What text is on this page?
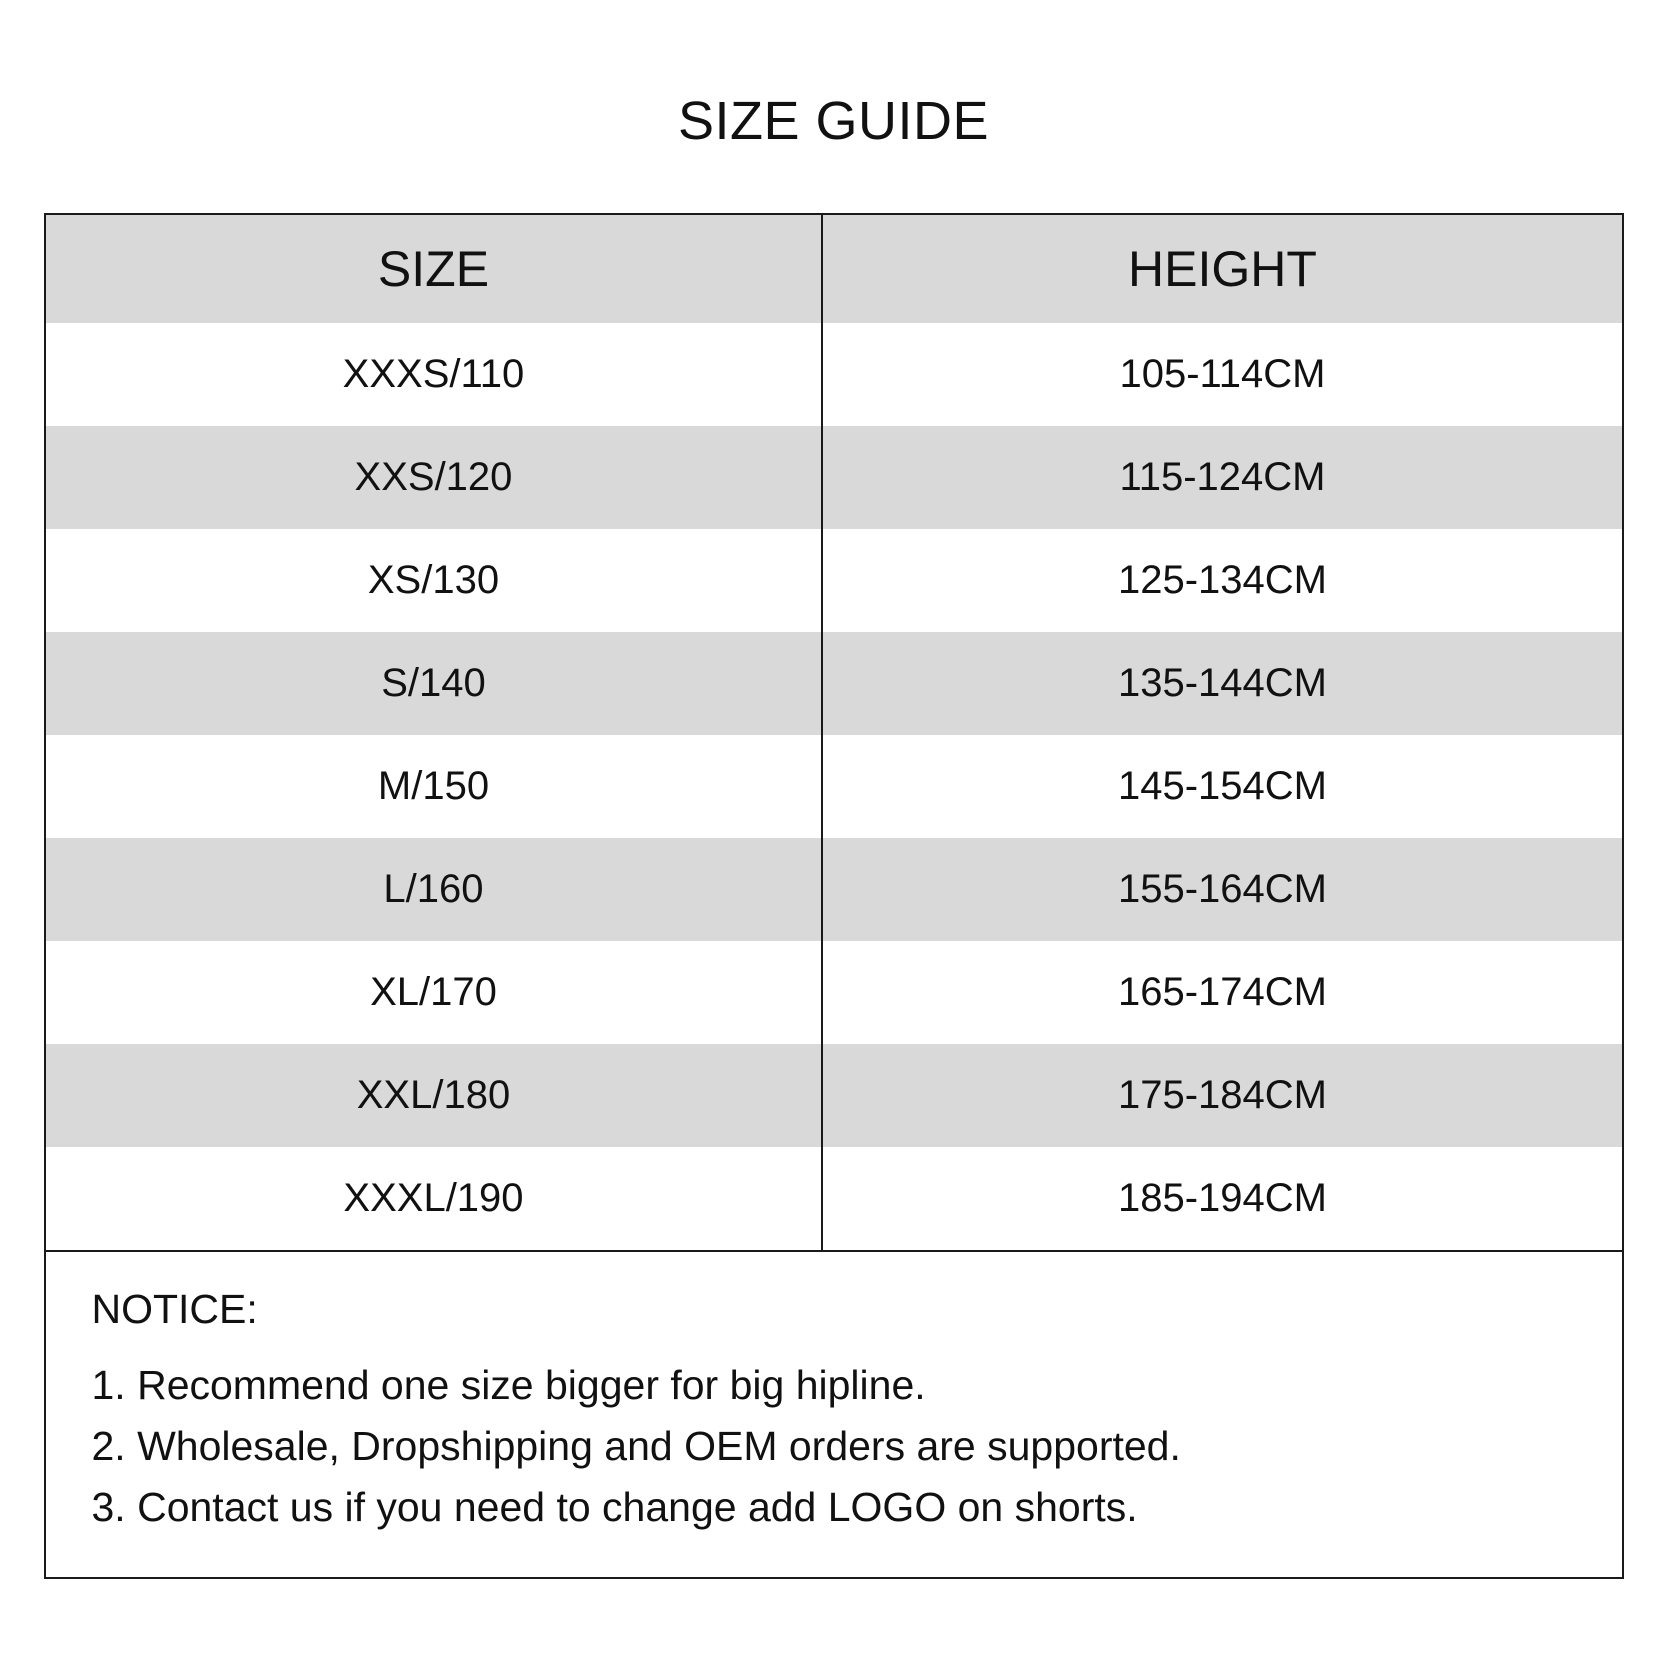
SIZE GUIDE
SIZE	HEIGHT
XXXS/110	105-114CM
XXS/120	115-124CM
XS/130	125-134CM
S/140	135-144CM
M/150	145-154CM
L/160	155-164CM
XL/170	165-174CM
XXL/180	175-184CM
XXXL/190	185-194CM
NOTICE:
1. Recommend one size bigger for big hipline.
2. Wholesale, Dropshipping and OEM orders are supported.
3. Contact us if you need to change add LOGO on shorts.
